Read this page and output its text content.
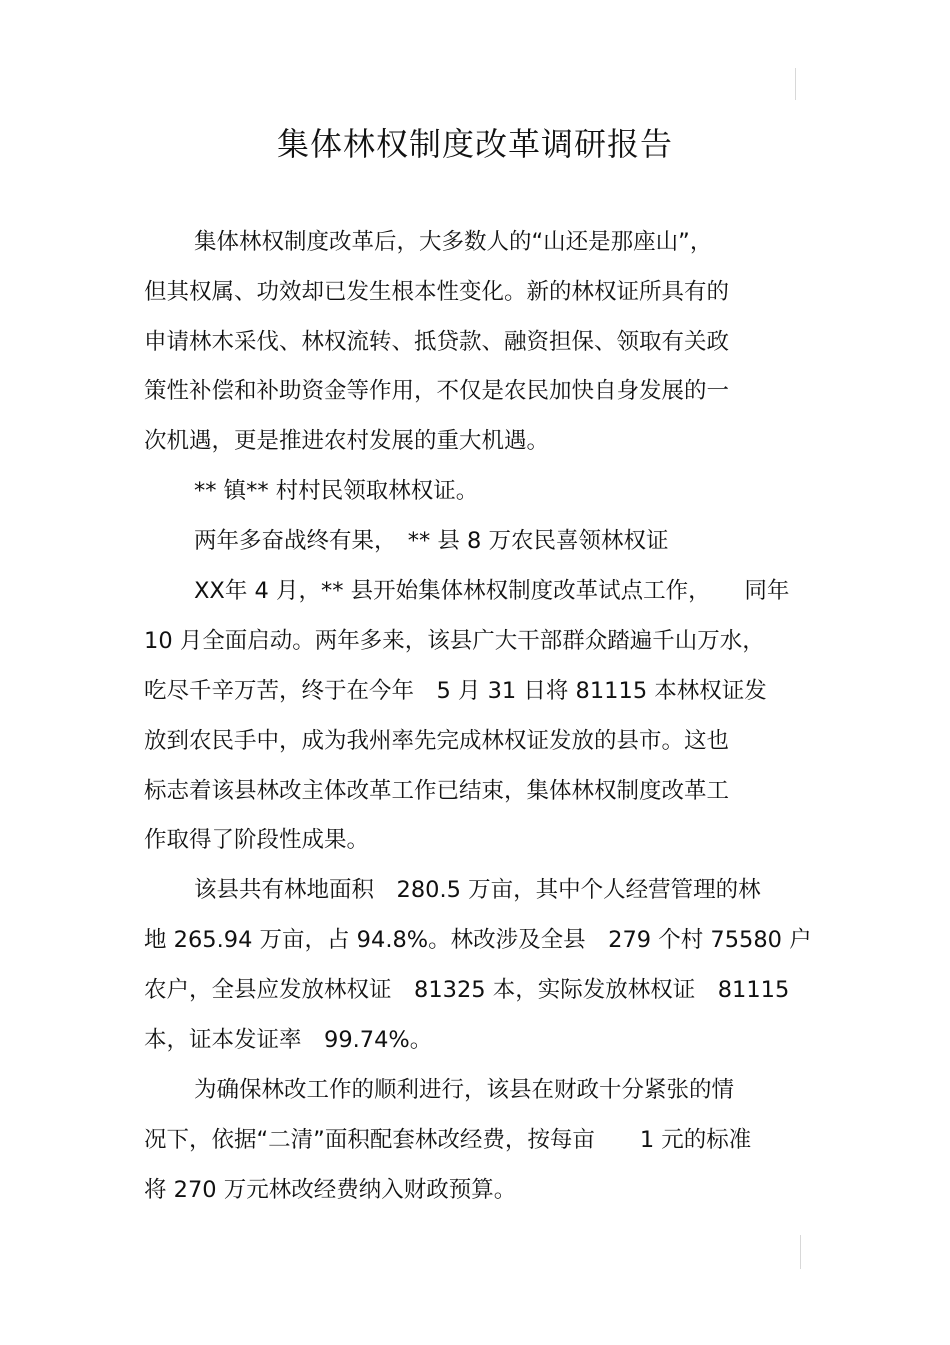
集体林权制度改革调研报告
集体林权制度改革后，大多数人的“山还是那座山”，
但其权属、功效却已发生根本性变化。新的林权证所具有的
申请林木采伐、林权流转、抵贷款、融资担保、领取有关政
策性补偿和补助资金等作用，不仅是农民加快自身发展的一
次机遇，更是推进农村发展的重大机遇。
** 镇** 村村民领取林权证。
两年多奋战终有果，　** 县 8 万农民喜领林权证
XX年 4 月，** 县开始集体林权制度改革试点工作，　　同年
10 月全面启动。两年多来，该县广大干部群众踏遍千山万水，
吃尽千辛万苦，终于在今年　5 月 31 日将 81115 本林权证发
放到农民手中，成为我州率先完成林权证发放的县市。这也
标志着该县林改主体改革工作已结束，集体林权制度改革工
作取得了阶段性成果。
该县共有林地面积　280.5 万亩，其中个人经营管理的林
地 265.94 万亩，占 94.8%。林改涉及全县　279 个村 75580 户
农户，全县应发放林权证　81325 本，实际发放林权证　81115
本，证本发证率　99.74%。
为确保林改工作的顺利进行，该县在财政十分紧张的情
况下，依据“二清”面积配套林改经费，按每亩　　1 元的标准
将 270 万元林改经费纳入财政预算。
